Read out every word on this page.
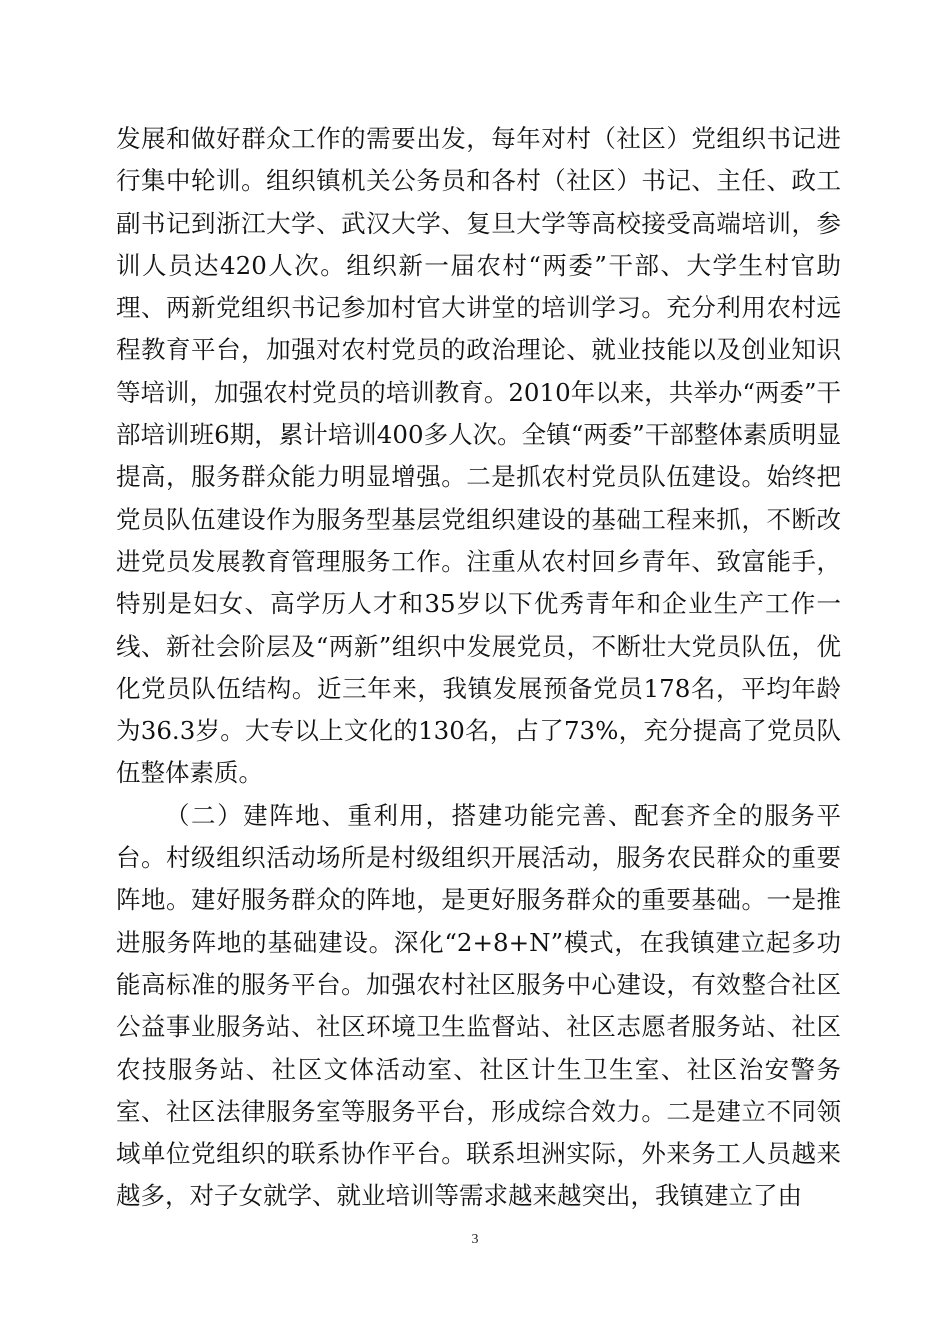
发展和做好群众工作的需要出发，每年对村（社区）党组织书记进行集中轮训。组织镇机关公务员和各村（社区）书记、主任、政工副书记到浙江大学、武汉大学、复旦大学等高校接受高端培训，参训人员达420人次。组织新一届农村“两委”干部、大学生村官助理、两新党组织书记参加村官大讲堂的培训学习。充分利用农村远程教育平台，加强对农村党员的政治理论、就业技能以及创业知识等培训，加强农村党员的培训教育。2010年以来，共举办“两委”干部培训班6期，累计培训400多人次。全镇“两委”干部整体素质明显提高，服务群众能力明显增强。二是抓农村党员队伍建设。始终把党员队伍建设作为服务型基层党组织建设的基础工程来抓，不断改进党员发展教育管理服务工作。注重从农村回乡青年、致富能手，特别是妇女、高学历人才和35岁以下优秀青年和企业生产工作一线、新社会阶层及“两新”组织中发展党员，不断壮大党员队伍，优化党员队伍结构。近三年来，我镇发展预备党员178名，平均年龄为36.3岁。大专以上文化的130名，占了73%，充分提高了党员队伍整体素质。

（二）建阵地、重利用，搭建功能完善、配套齐全的服务平台。村级组织活动场所是村级组织开展活动，服务农民群众的重要阵地。建好服务群众的阵地，是更好服务群众的重要基础。一是推进服务阵地的基础建设。深化“2+8+N”模式，在我镇建立起多功能高标准的服务平台。加强农村社区服务中心建设，有效整合社区公益事业服务站、社区环境卫生监督站、社区志愿者服务站、社区农技服务站、社区文体活动室、社区计生卫生室、社区治安警务室、社区法律服务室等服务平台，形成综合效力。二是建立不同领域单位党组织的联系协作平台。联系坦洲实际，外来务工人员越来越多，对子女就学、就业培训等需求越来越突出，我镇建立了由

3
